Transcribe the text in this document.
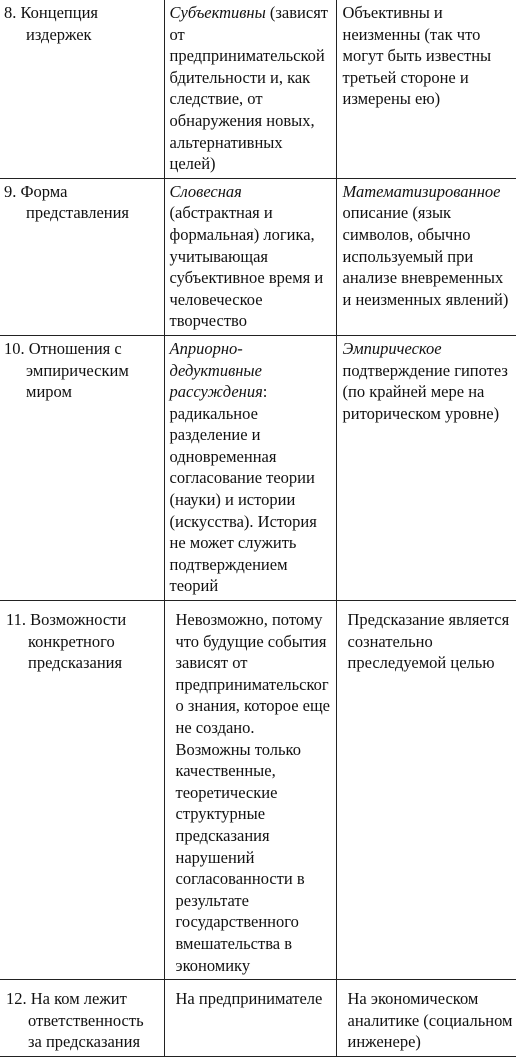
8. Концепция издержек	Субъективны (зависят от предпринимательской бдительности и, как следствие, от обнаружения новых, альтернативных целей)	Объективны и неизменны (так что могут быть известны третьей стороне и измерены ею)

9. Форма представления	Словесная (абстрактная и формальная) логика, учитывающая субъективное время и человеческое творчество	Математизированное описание (язык символов, обычно используемый при анализе вневременных и неизменных явлений)

10. Отношения с эмпирическим миром	Априорно-дедуктивные рассуждения: радикальное разделение и одновременная согласование теории (науки) и истории (искусства). История не может служить подтверждением теорий	Эмпирическое подтверждение гипотез (по крайней мере на риторическом уровне)

11. Возможности конкретного предсказания	Невозможно, потому что будущие события зависят от предпринимательского знания, которое еще не создано. Возможны только качественные, теоретические структурные предсказания нарушений согласованности в результате государственного вмешательства в экономику	Предсказание является сознательно преследуемой целью

12. На ком лежит ответственность за предсказания	На предпринимателе	На экономическом аналитике (социальном инженере)
